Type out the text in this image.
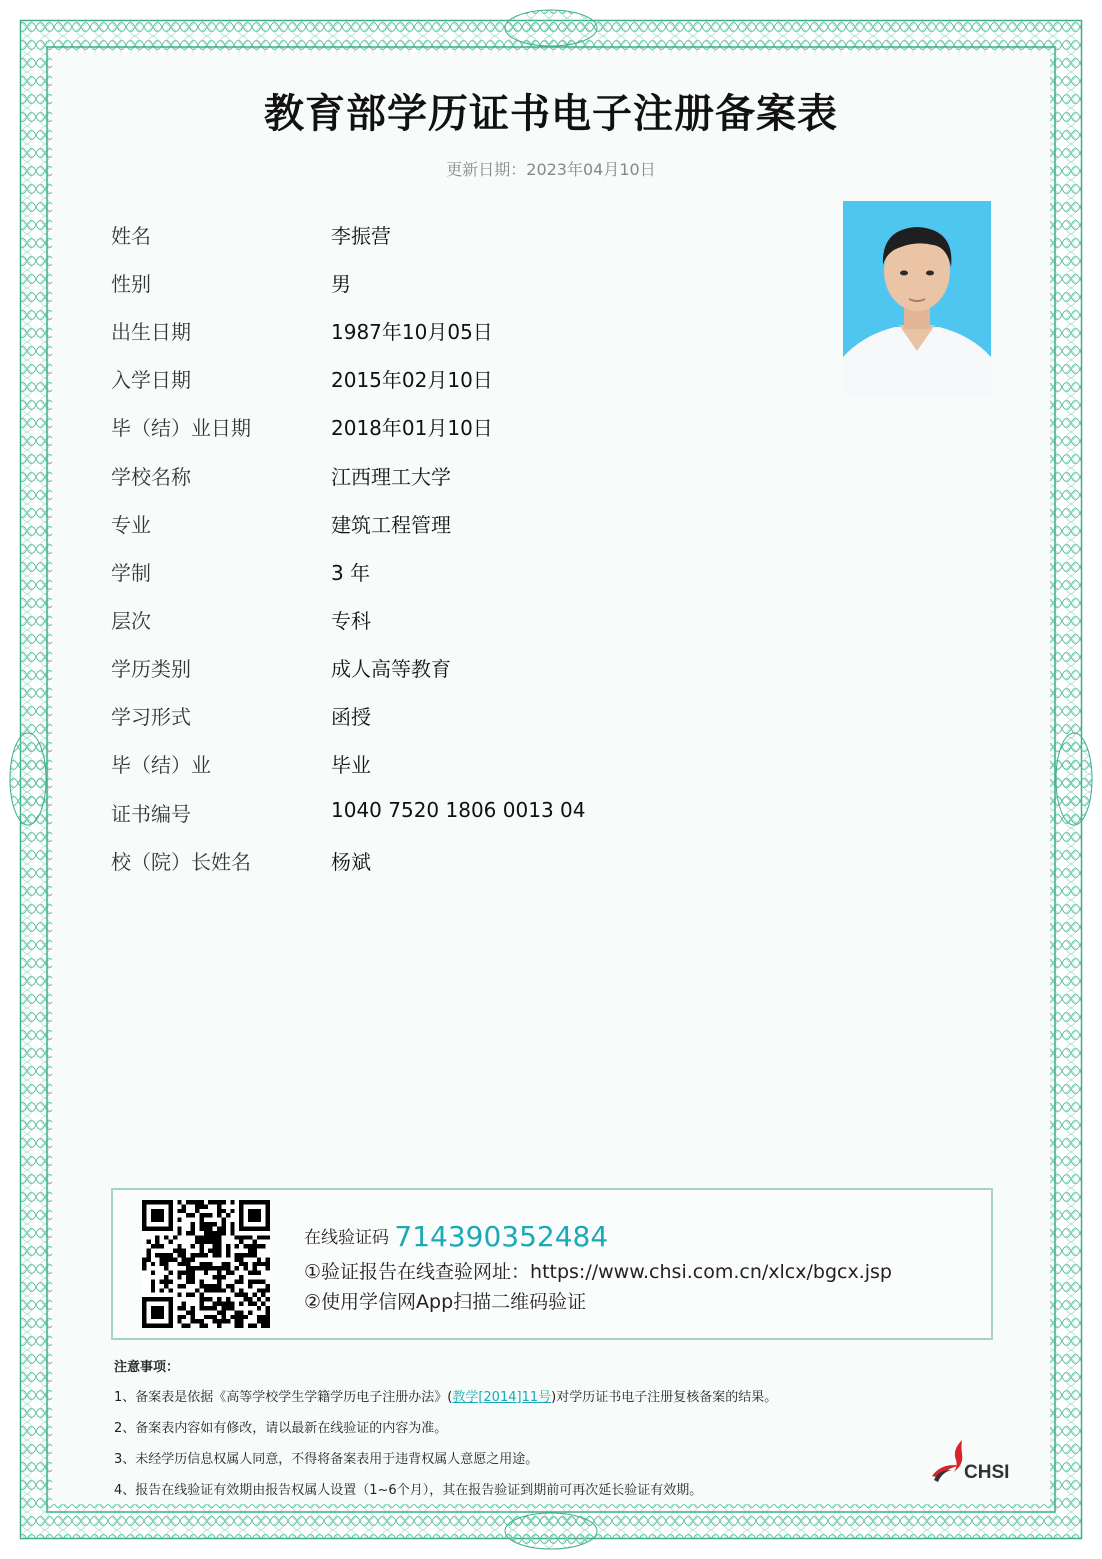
教育部学历证书电子注册备案表
更新日期：2023年04月10日
姓名	李振营
性别	男
出生日期	1987年10月05日
入学日期	2015年02月10日
毕（结）业日期	2018年01月10日
学校名称	江西理工大学
专业	建筑工程管理
学制	3 年
层次	专科
学历类别	成人高等教育
学习形式	函授
毕（结）业	毕业
证书编号	1040 7520 1806 0013 04
校（院）长姓名	杨斌
在线验证码 714390352484
①验证报告在线查验网址：https://www.chsi.com.cn/xlcx/bgcx.jsp
②使用学信网App扫描二维码验证
注意事项：
1、备案表是依据《高等学校学生学籍学历电子注册办法》(教学[2014]11号)对学历证书电子注册复核备案的结果。
2、备案表内容如有修改，请以最新在线验证的内容为准。
3、未经学历信息权属人同意，不得将备案表用于违背权属人意愿之用途。
4、报告在线验证有效期由报告权属人设置（1~6个月），其在报告验证到期前可再次延长验证有效期。
CHSI
